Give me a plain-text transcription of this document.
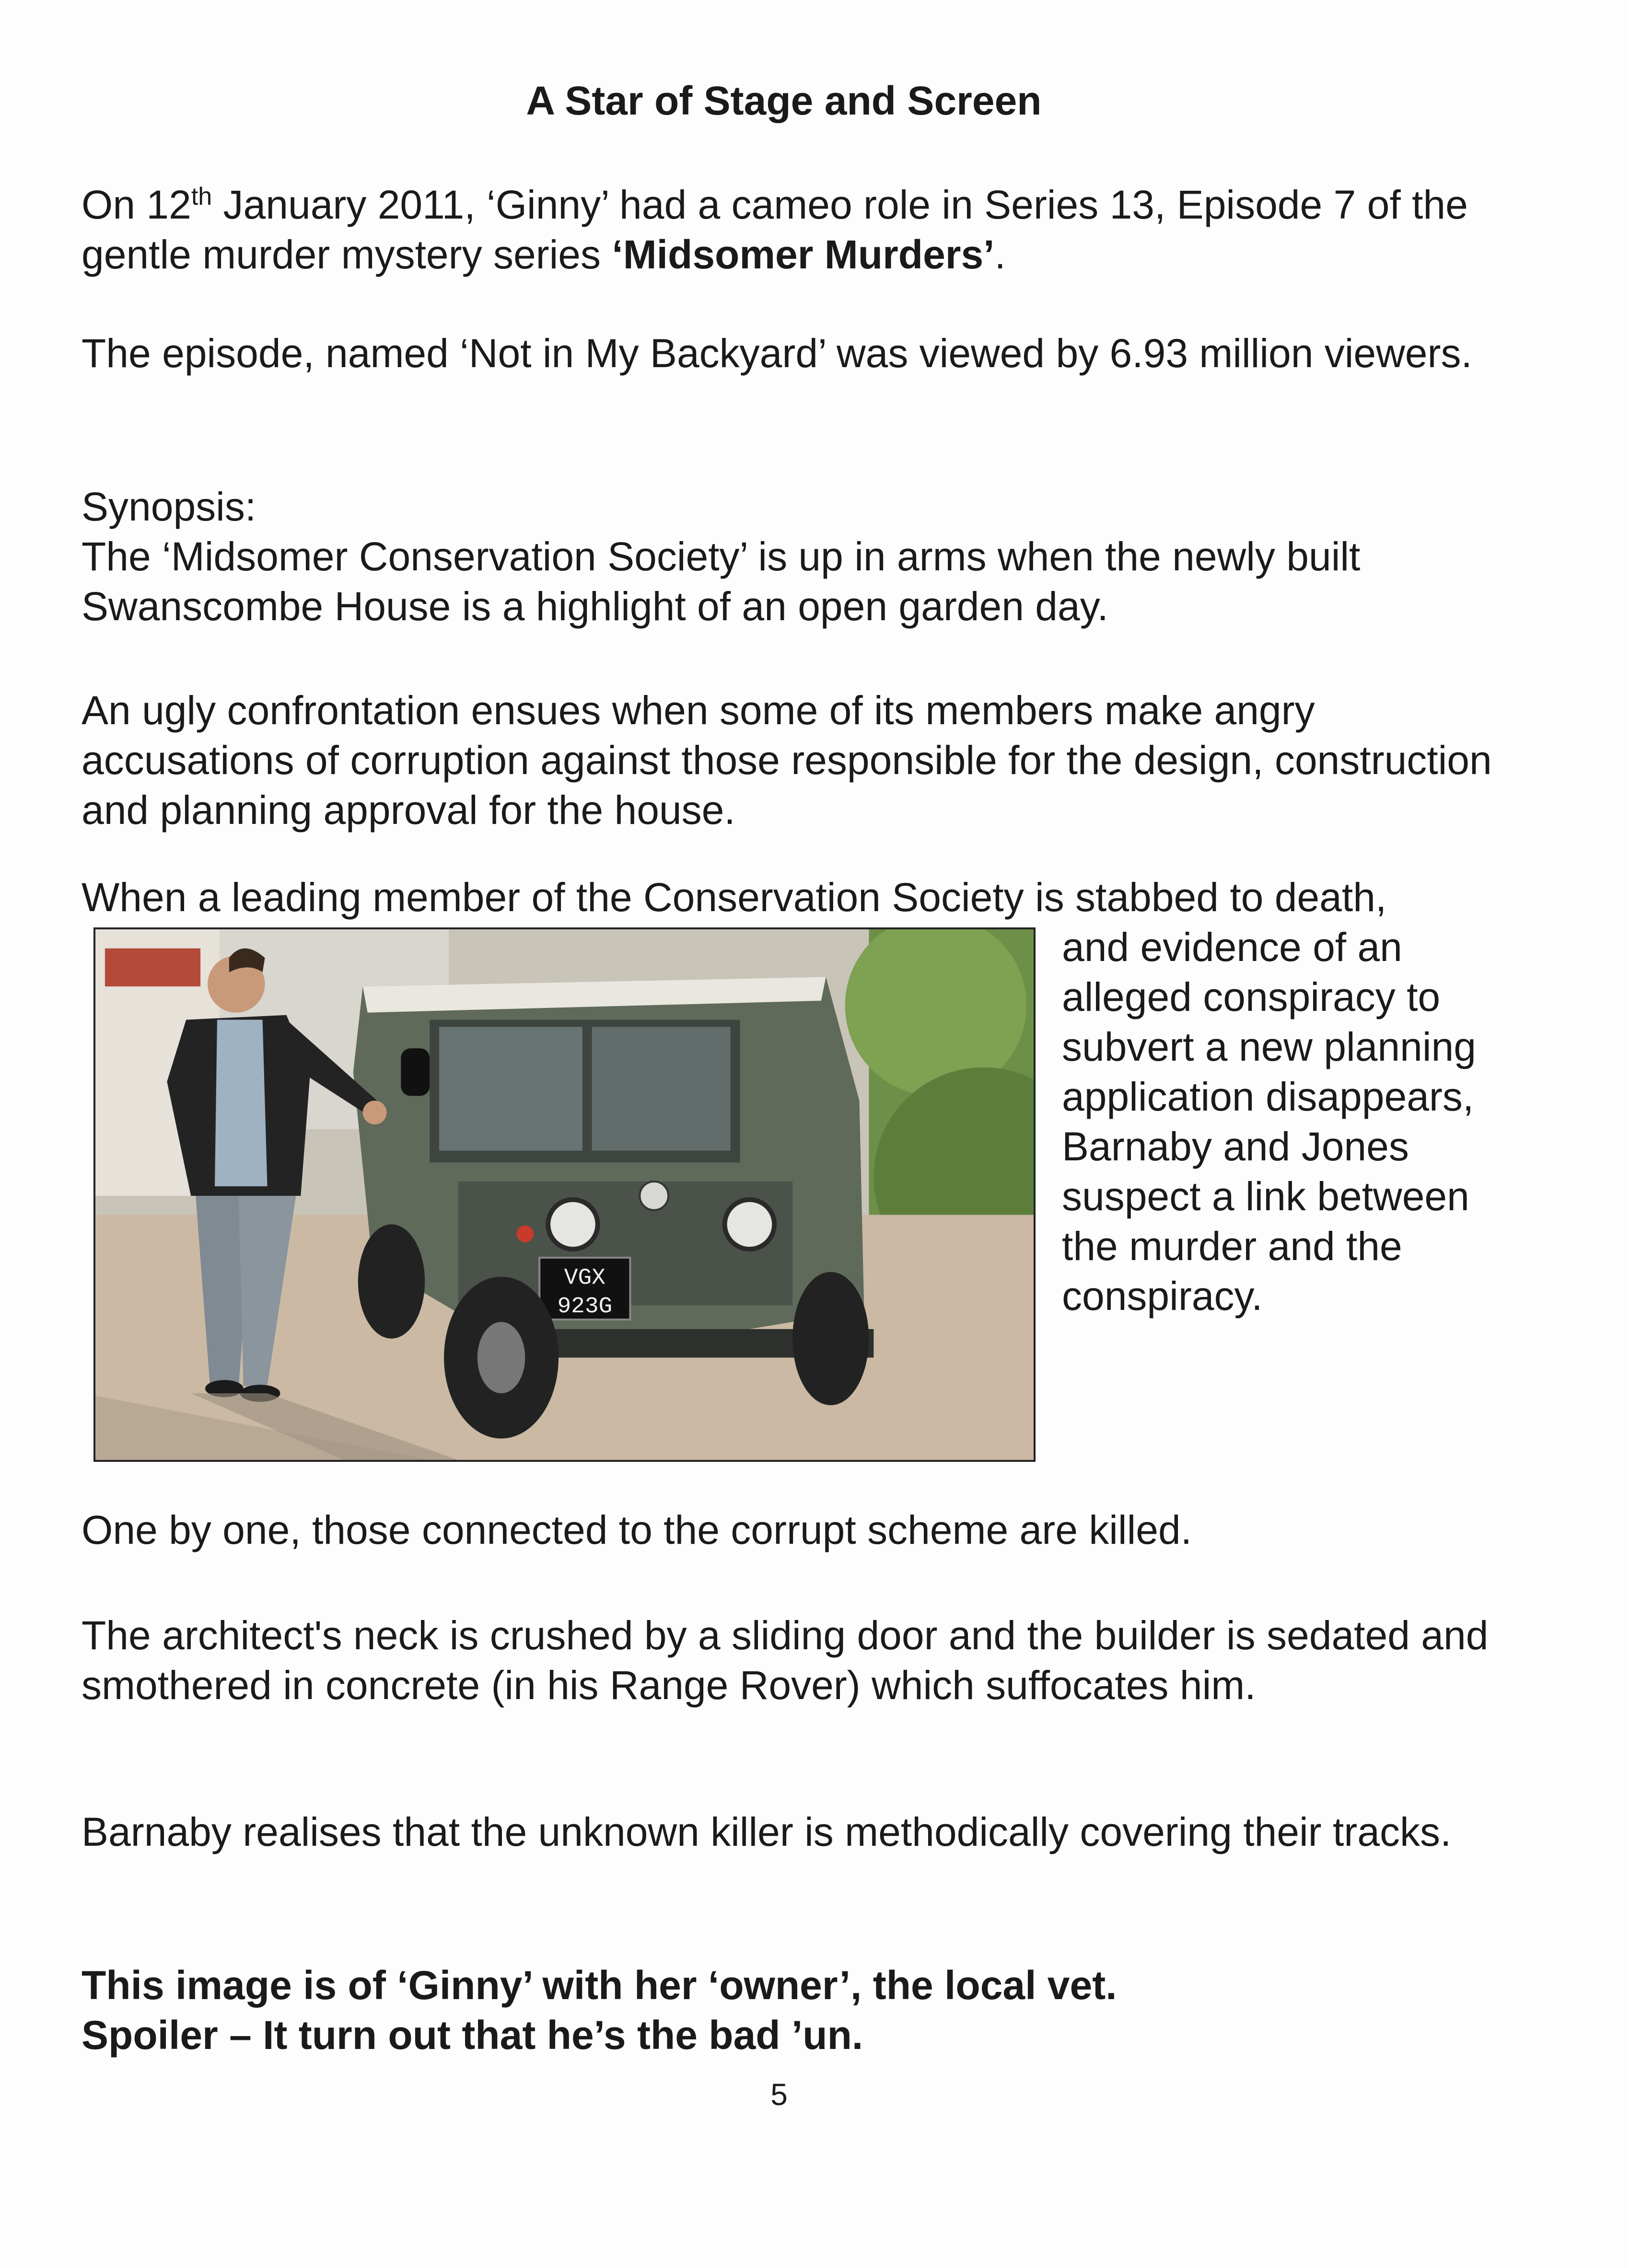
A Star of Stage and Screen

On 12th January 2011, ‘Ginny’ had a cameo role in Series 13, Episode 7 of the gentle murder mystery series ‘Midsomer Murders’.

The episode, named ‘Not in My Backyard’ was viewed by 6.93 million viewers.

Synopsis:
The ‘Midsomer Conservation Society’ is up in arms when the newly built Swanscombe House is a highlight of an open garden day.

An ugly confrontation ensues when some of its members make angry accusations of corruption against those responsible for the design, construction and planning approval for the house.

When a leading member of the Conservation Society is stabbed to death,
and evidence of an alleged conspiracy to subvert a new planning application disappears, Barnaby and Jones suspect a link between the murder and the conspiracy.
VGX
923G

One by one, those connected to the corrupt scheme are killed.

The architect's neck is crushed by a sliding door and the builder is sedated and smothered in concrete (in his Range Rover) which suffocates him.

Barnaby realises that the unknown killer is methodically covering their tracks.

This image is of ‘Ginny’ with her ‘owner’, the local vet.
Spoiler – It turn out that he’s the bad ’un.

5
